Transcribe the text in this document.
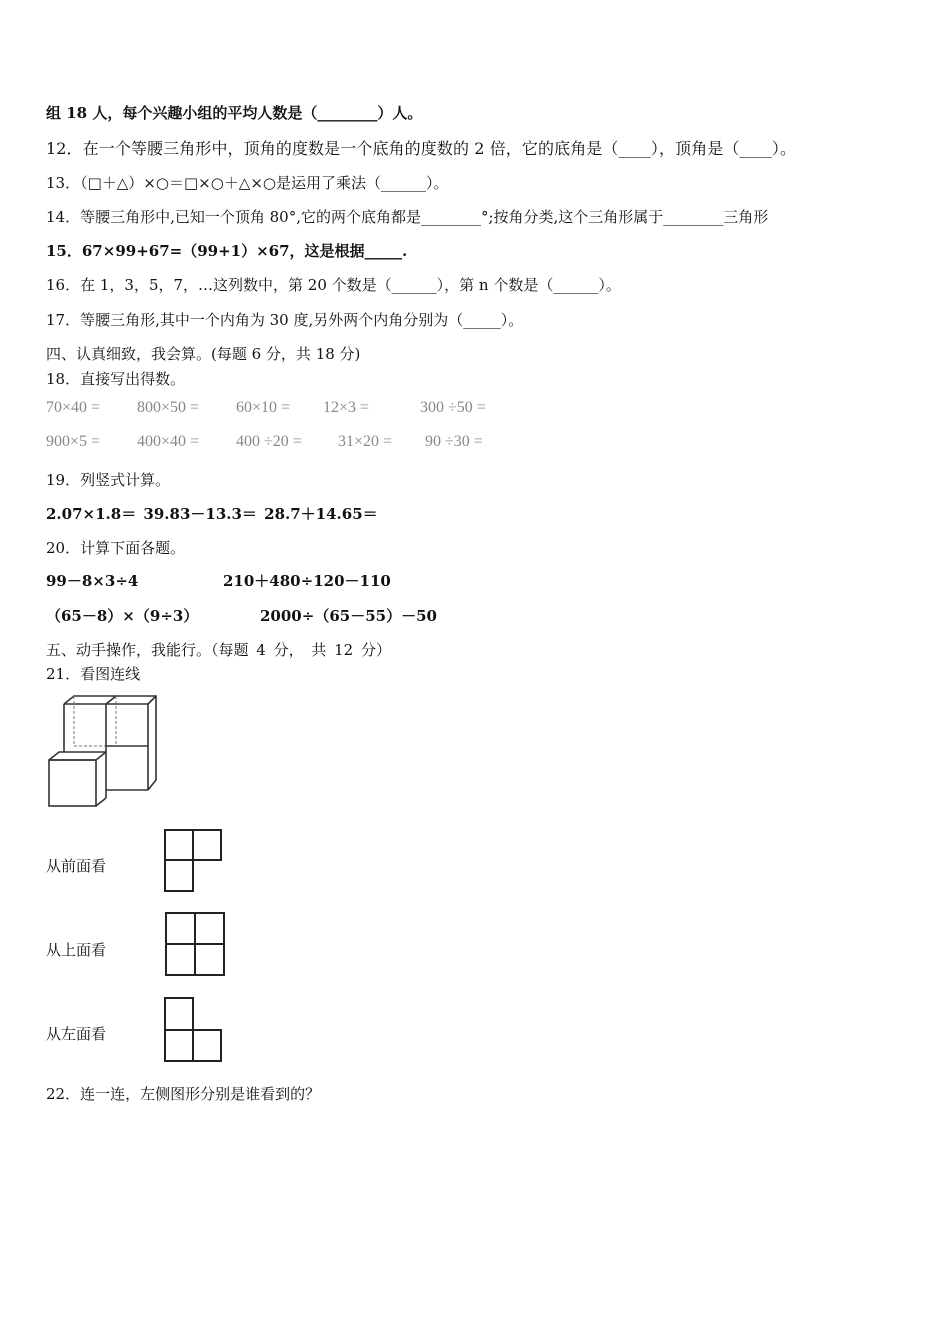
组 18 人，每个兴趣小组的平均人数是（________）人。
12．在一个等腰三角形中，顶角的度数是一个底角的度数的 2 倍，它的底角是（____），顶角是（____）。
13．（□＋△）×○＝□×○＋△×○是运用了乘法（______）。
14．等腰三角形中,已知一个顶角 80°,它的两个底角都是________°;按角分类,这个三角形属于________三角形
15．67×99+67=（99+1）×67，这是根据_____.
16．在 1，3，5，7，…这列数中，第 20 个数是（______），第 n 个数是（______）。
17．等腰三角形,其中一个内角为 30 度,另外两个内角分别为（_____）。
四、认真细致，我会算。(每题 6 分，共 18 分)
18．直接写出得数。
70×40 = 800×50 = 60×10 = 12×3 =	300 ÷50 =
900×5 = 400×40 = 400 ÷20 = 31×20 = 90 ÷30 =
19．列竖式计算。
2.07×1.8＝ 39.83－13.3＝ 28.7＋14.65＝
20．计算下面各题。
99－8×3÷4	210＋480÷120－110
（65－8）×（9÷3）	2000÷（65－55）－50
五、动手操作，我能行。（每题 4 分， 共 12 分）
21．看图连线
从前面看
从上面看
从左面看
22．连一连，左侧图形分别是谁看到的？
